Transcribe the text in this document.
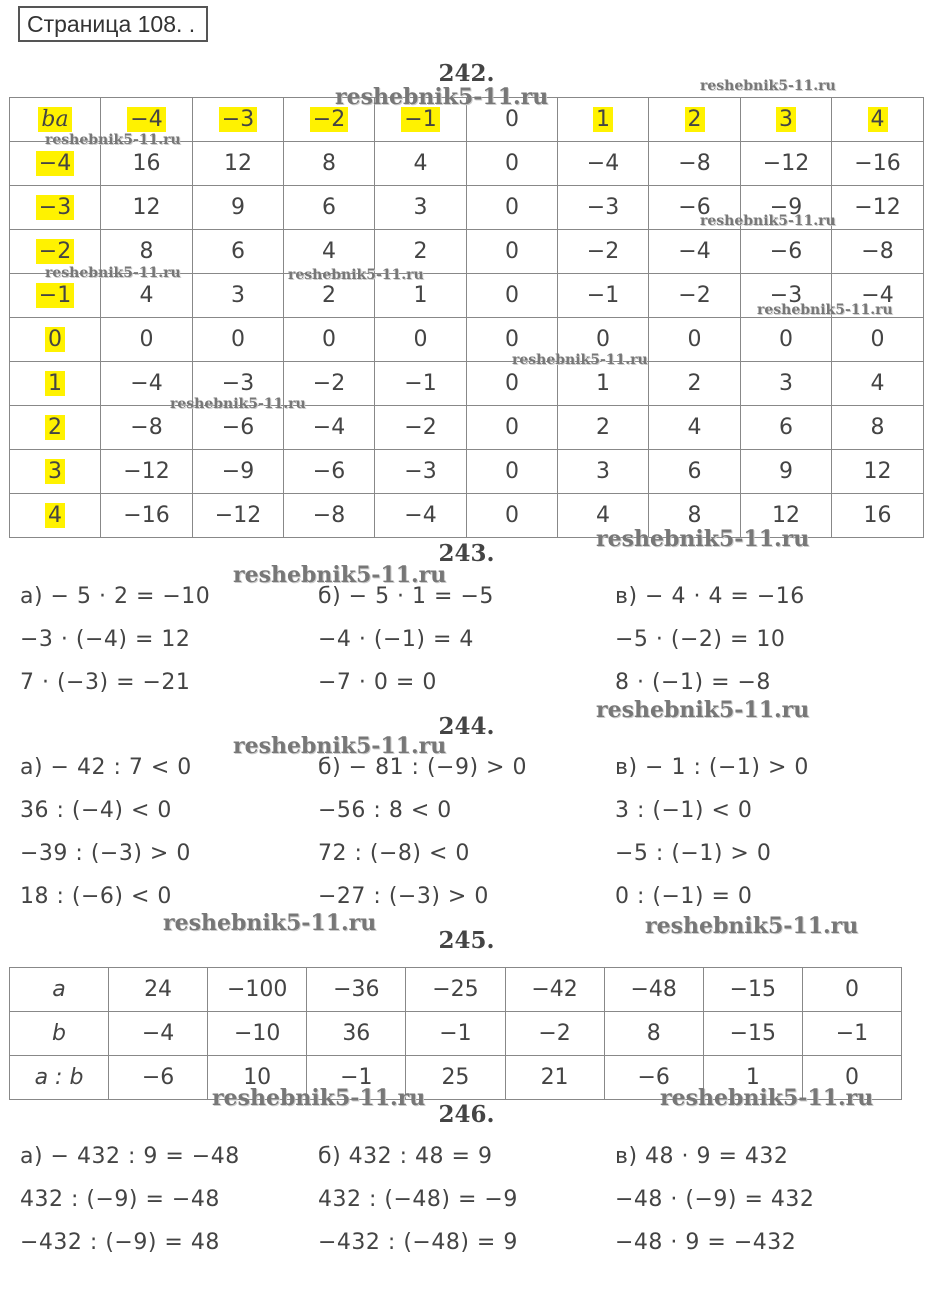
Страница 108. .
242.
ba	−4	−3	−2	−1	0	1	2	3	4
−4	16	12	8	4	0	−4	−8	−12	−16
−3	12	9	6	3	0	−3	−6	−9	−12
−2	8	6	4	2	0	−2	−4	−6	−8
−1	4	3	2	1	0	−1	−2	−3	−4
0	0	0	0	0	0	0	0	0	0
1	−4	−3	−2	−1	0	1	2	3	4
2	−8	−6	−4	−2	0	2	4	6	8
3	−12	−9	−6	−3	0	3	6	9	12
4	−16	−12	−8	−4	0	4	8	12	16
243.
а) − 5 · 2 = −10
−3 · (−4) = 12
7 · (−3) = −21
б) − 5 · 1 = −5
−4 · (−1) = 4
−7 · 0 = 0
в) − 4 · 4 = −16
−5 · (−2) = 10
8 · (−1) = −8
244.
а) − 42 : 7 < 0
36 : (−4) < 0
−39 : (−3) > 0
18 : (−6) < 0
б) − 81 : (−9) > 0
−56 : 8 < 0
72 : (−8) < 0
−27 : (−3) > 0
в) − 1 : (−1) > 0
3 : (−1) < 0
−5 : (−1) > 0
0 : (−1) = 0
245.
a	24	−100	−36	−25	−42	−48	−15	0
b	−4	−10	36	−1	−2	8	−15	−1
a : b	−6	10	−1	25	21	−6	1	0
246.
а) − 432 : 9 = −48
432 : (−9) = −48
−432 : (−9) = 48
б) 432 : 48 = 9
432 : (−48) = −9
−432 : (−48) = 9
в) 48 · 9 = 432
−48 · (−9) = 432
−48 · 9 = −432
reshebnik5-11.ru	reshebnik5-11.ru
reshebnik5-11.ru
reshebnik5-11.ru
reshebnik5-11.ru	reshebnik5-11.ru
reshebnik5-11.ru
reshebnik5-11.ru
reshebnik5-11.ru
reshebnik5-11.ru
reshebnik5-11.ru
reshebnik5-11.ru
reshebnik5-11.ru
reshebnik5-11.ru	reshebnik5-11.ru
reshebnik5-11.ru	reshebnik5-11.ru
